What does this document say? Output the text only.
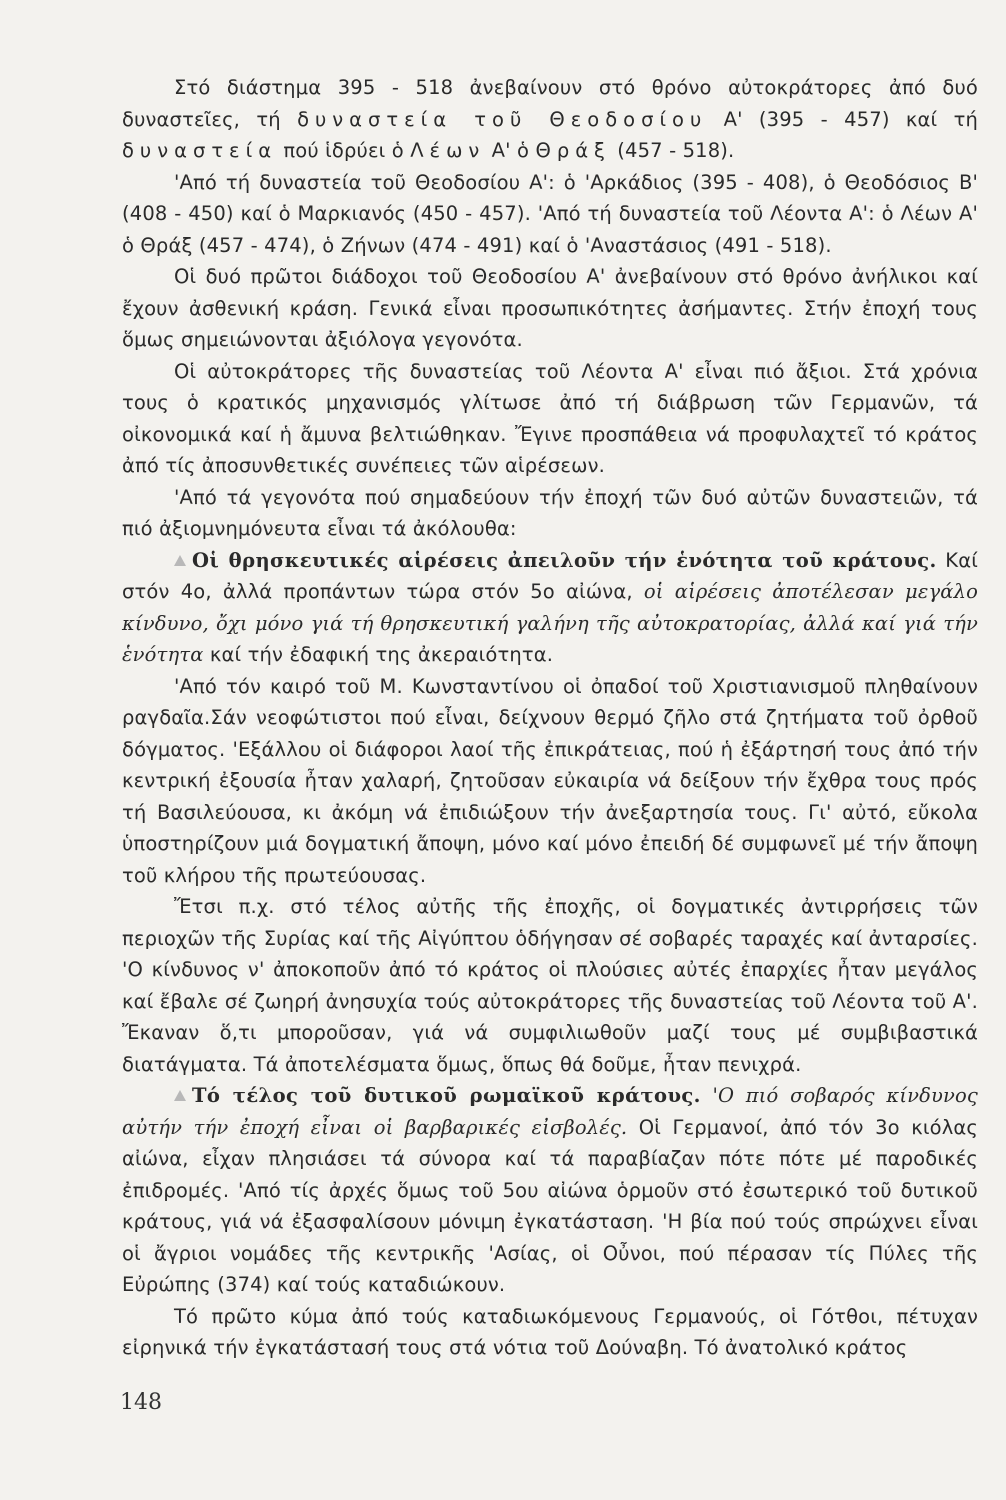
Στό διάστημα 395 - 518 ἀνεβαίνουν στό θρόνο αὐτοκράτορες ἀπό δυό δυναστεῖες, τή δυναστεία τοῦ Θεοδοσίου Α' (395 - 457) καί τή δυναστεία πού ἱδρύει ὁ Λέων Α' ὁ Θράξ (457 - 518).

'Από τή δυναστεία τοῦ Θεοδοσίου Α': ὁ 'Αρκάδιος (395 - 408), ὁ Θεοδόσιος Β' (408 - 450) καί ὁ Μαρκιανός (450 - 457). 'Από τή δυναστεία τοῦ Λέοντα Α': ὁ Λέων Α' ὁ Θράξ (457 - 474), ὁ Ζήνων (474 - 491) καί ὁ 'Αναστάσιος (491 - 518).

Οἱ δυό πρῶτοι διάδοχοι τοῦ Θεοδοσίου Α' ἀνεβαίνουν στό θρόνο ἀνήλικοι καί ἔχουν ἀσθενική κράση. Γενικά εἶναι προσωπικότητες ἀσήμαντες. Στήν ἐποχή τους ὅμως σημειώνονται ἀξιόλογα γεγονότα.

Οἱ αὐτοκράτορες τῆς δυναστείας τοῦ Λέοντα Α' εἶναι πιό ἄξιοι. Στά χρόνια τους ὁ κρατικός μηχανισμός γλίτωσε ἀπό τή διάβρωση τῶν Γερμανῶν, τά οἰκονομικά καί ἡ ἄμυνα βελτιώθηκαν. Ἔγινε προσπάθεια νά προφυλαχτεῖ τό κράτος ἀπό τίς ἀποσυνθετικές συνέπειες τῶν αἱρέσεων.

'Από τά γεγονότα πού σημαδεύουν τήν ἐποχή τῶν δυό αὐτῶν δυναστειῶν, τά πιό ἀξιομνημόνευτα εἶναι τά ἀκόλουθα:

Οἱ θρησκευτικές αἱρέσεις ἀπειλοῦν τήν ἑνότητα τοῦ κράτους. Καί στόν 4ο, ἀλλά προπάντων τώρα στόν 5ο αἰώνα, οἱ αἱρέσεις ἀποτέλεσαν μεγάλο κίνδυνο, ὄχι μόνο γιά τή θρησκευτική γαλήνη τῆς αὐτοκρατορίας, ἀλλά καί γιά τήν ἑνότητα καί τήν ἐδαφική της ἀκεραιότητα.

'Από τόν καιρό τοῦ Μ. Κωνσταντίνου οἱ ὀπαδοί τοῦ Χριστιανισμοῦ πληθαίνουν ραγδαῖα.Σάν νεοφώτιστοι πού εἶναι, δείχνουν θερμό ζῆλο στά ζητήματα τοῦ ὀρθοῦ δόγματος. 'Εξάλλου οἱ διάφοροι λαοί τῆς ἐπικράτειας, πού ἡ ἐξάρτησή τους ἀπό τήν κεντρική ἐξουσία ἦταν χαλαρή, ζητοῦσαν εὐκαιρία νά δείξουν τήν ἔχθρα τους πρός τή Βασιλεύουσα, κι ἀκόμη νά ἐπιδιώξουν τήν ἀνεξαρτησία τους. Γι' αὐτό, εὔκολα ὑποστηρίζουν μιά δογματική ἄποψη, μόνο καί μόνο ἐπειδή δέ συμφωνεῖ μέ τήν ἄποψη τοῦ κλήρου τῆς πρωτεύουσας.

Ἔτσι π.χ. στό τέλος αὐτῆς τῆς ἐποχῆς, οἱ δογματικές ἀντιρρήσεις τῶν περιοχῶν τῆς Συρίας καί τῆς Αἰγύπτου ὁδήγησαν σέ σοβαρές ταραχές καί ἀνταρσίες. 'Ο κίνδυνος ν' ἀποκοποῦν ἀπό τό κράτος οἱ πλούσιες αὐτές ἐπαρχίες ἦταν μεγάλος καί ἔβαλε σέ ζωηρή ἀνησυχία τούς αὐτοκράτορες τῆς δυναστείας τοῦ Λέοντα τοῦ Α'. Ἔκαναν ὅ,τι μποροῦσαν, γιά νά συμφιλιωθοῦν μαζί τους μέ συμβιβαστικά διατάγματα. Τά ἀποτελέσματα ὅμως, ὅπως θά δοῦμε, ἦταν πενιχρά.

Τό τέλος τοῦ δυτικοῦ ρωμαϊκοῦ κράτους. 'Ο πιό σοβαρός κίνδυνος αὐτήν τήν ἐποχή εἶναι οἱ βαρβαρικές εἰσβολές. Οἱ Γερμανοί, ἀπό τόν 3ο κιόλας αἰώνα, εἶχαν πλησιάσει τά σύνορα καί τά παραβίαζαν πότε πότε μέ παροδικές ἐπιδρομές. 'Από τίς ἀρχές ὅμως τοῦ 5ου αἰώνα ὁρμοῦν στό ἐσωτερικό τοῦ δυτικοῦ κράτους, γιά νά ἐξασφαλίσουν μόνιμη ἐγκατάσταση. 'Η βία πού τούς σπρώχνει εἶναι οἱ ἄγριοι νομάδες τῆς κεντρικῆς 'Ασίας, οἱ Οὖνοι, πού πέρασαν τίς Πύλες τῆς Εὐρώπης (374) καί τούς καταδιώκουν.

Τό πρῶτο κύμα ἀπό τούς καταδιωκόμενους Γερμανούς, οἱ Γότθοι, πέτυχαν εἰρηνικά τήν ἐγκατάστασή τους στά νότια τοῦ Δούναβη. Τό ἀνατολικό κράτος

148
